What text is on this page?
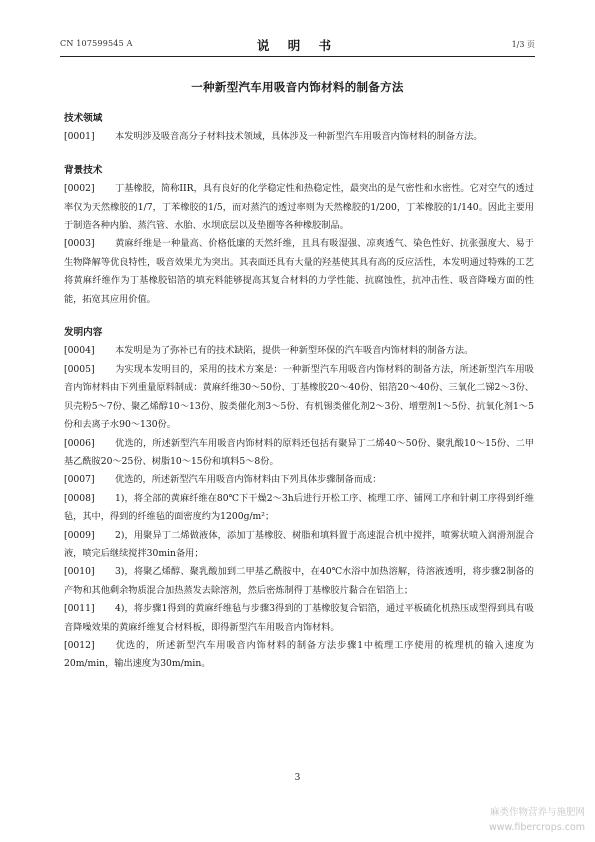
CN 107599545 A	说 明 书	1/3 页
一种新型汽车用吸音内饰材料的制备方法
技术领域

[0001] 本发明涉及吸音高分子材料技术领域，具体涉及一种新型汽车用吸音内饰材料的制备方法。

背景技术

[0002] 丁基橡胶，简称IIR，具有良好的化学稳定性和热稳定性，最突出的是气密性和水密性。它对空气的透过率仅为天然橡胶的1/7，丁苯橡胶的1/5，而对蒸汽的透过率则为天然橡胶的1/200，丁苯橡胶的1/140。因此主要用于制造各种内胎、蒸汽管、水胎、水坝底层以及垫圈等各种橡胶制品。

[0003] 黄麻纤维是一种量高、价格低廉的天然纤维，且具有吸湿强、凉爽透气、染色性好、抗张强度大、易于生物降解等优良特性，吸音效果尤为突出。其表面还具有大量的羟基使其具有高的反应活性，本发明通过特殊的工艺将黄麻纤维作为丁基橡胶铝箔的填充料能够提高其复合材料的力学性能、抗腐蚀性，抗冲击性、吸音降噪方面的性能，拓宽其应用价值。

发明内容

[0004] 本发明是为了弥补已有的技术缺陷，提供一种新型环保的汽车吸音内饰材料的制备方法。

[0005] 为实现本发明目的，采用的技术方案是：一种新型汽车用吸音内饰材料的制备方法，所述新型汽车用吸音内饰材料由下列重量原料制成：黄麻纤维30～50份、丁基橡胶20～40份、铝箔20～40份、三氧化二锑2～3份、贝壳粉5～7份、聚乙烯醇10～13份、胺类催化剂3～5份、有机锡类催化剂2～3份、增塑剂1～5份、抗氧化剂1～5份和去离子水90～130份。

[0006] 优选的，所述新型汽车用吸音内饰材料的原料还包括有聚异丁二烯40～50份、聚乳酸10～15份、二甲基乙酰胺20～25份、树脂10～15份和填料5～8份。

[0007] 优选的，所述新型汽车用吸音内饰材料由下列具体步骤制备而成：

[0008] 1)，将全部的黄麻纤维在80℃下干燥2～3h后进行开松工序、梳理工序、铺网工序和针刺工序得到纤维毡，其中，得到的纤维毡的面密度约为1200g/m²；

[0009] 2)，用聚异丁二烯做液体，添加丁基橡胶、树脂和填料置于高速混合机中搅拌，喷雾状喷入润滑剂混合液，喷完后继续搅拌30min备用；

[0010] 3)，将聚乙烯醇、聚乳酸加到二甲基乙酰胺中，在40℃水浴中加热溶解，待溶液透明，将步骤2制备的产物和其他剩余物质混合加热蒸发去除溶剂，然后密炼制得丁基橡胶片黏合在铝箔上；

[0011] 4)，将步骤1得到的黄麻纤维毡与步骤3得到的丁基橡胶复合铝箔，通过平板硫化机热压成型得到具有吸音降噪效果的黄麻纤维复合材料板，即得新型汽车用吸音内饰材料。

[0012] 优选的，所述新型汽车用吸音内饰材料的制备方法步骤1中梳理工序使用的梳理机的输入速度为20m/min，输出速度为30m/min。

3
麻类作物营养与施肥网
www.fibercrops.com
